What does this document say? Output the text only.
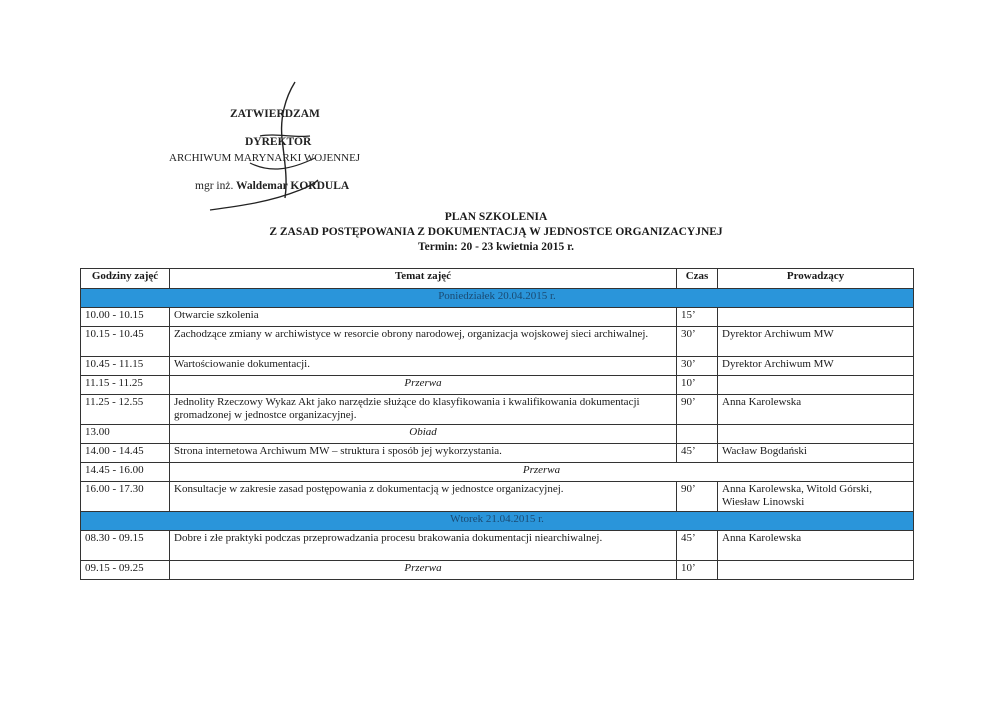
ZATWIERDZAM
DYREKTOR
ARCHIWUM MARYNARKI WOJENNEJ
mgr inż. Waldemar KORDULA
PLAN SZKOLENIA
Z ZASAD POSTĘPOWANIA Z DOKUMENTACJĄ W JEDNOSTCE ORGANIZACYJNEJ
Termin: 20 - 23 kwietnia 2015 r.
Godziny zajęć	Temat zajęć	Czas	Prowadzący
Poniedziałek 20.04.2015 r.			
10.00 - 10.15	Otwarcie szkolenia	15’	
10.15 - 10.45	Zachodzące zmiany w archiwistyce w resorcie obrony narodowej, organizacja wojskowej sieci archiwalnej.	30’	Dyrektor Archiwum MW
10.45 - 11.15	Wartościowanie dokumentacji.	30’	Dyrektor Archiwum MW
11.15 - 11.25	Przerwa	10’	
11.25 - 12.55	Jednolity Rzeczowy Wykaz Akt jako narzędzie służące do klasyfikowania i kwalifikowania dokumentacji gromadzonej w jednostce organizacyjnej.	90’	Anna Karolewska
13.00	Obiad		
14.00 - 14.45	Strona internetowa Archiwum MW – struktura i sposób jej wykorzystania.	45’	Wacław Bogdański
14.45 - 16.00	Przerwa		
16.00 - 17.30	Konsultacje w zakresie zasad postępowania z dokumentacją w jednostce organizacyjnej.	90’	Anna Karolewska, Witold Górski, Wiesław Linowski
Wtorek 21.04.2015 r.			
08.30 - 09.15	Dobre i złe praktyki podczas przeprowadzania procesu brakowania dokumentacji niearchiwalnej.	45’	Anna Karolewska
09.15 - 09.25	Przerwa	10’	
